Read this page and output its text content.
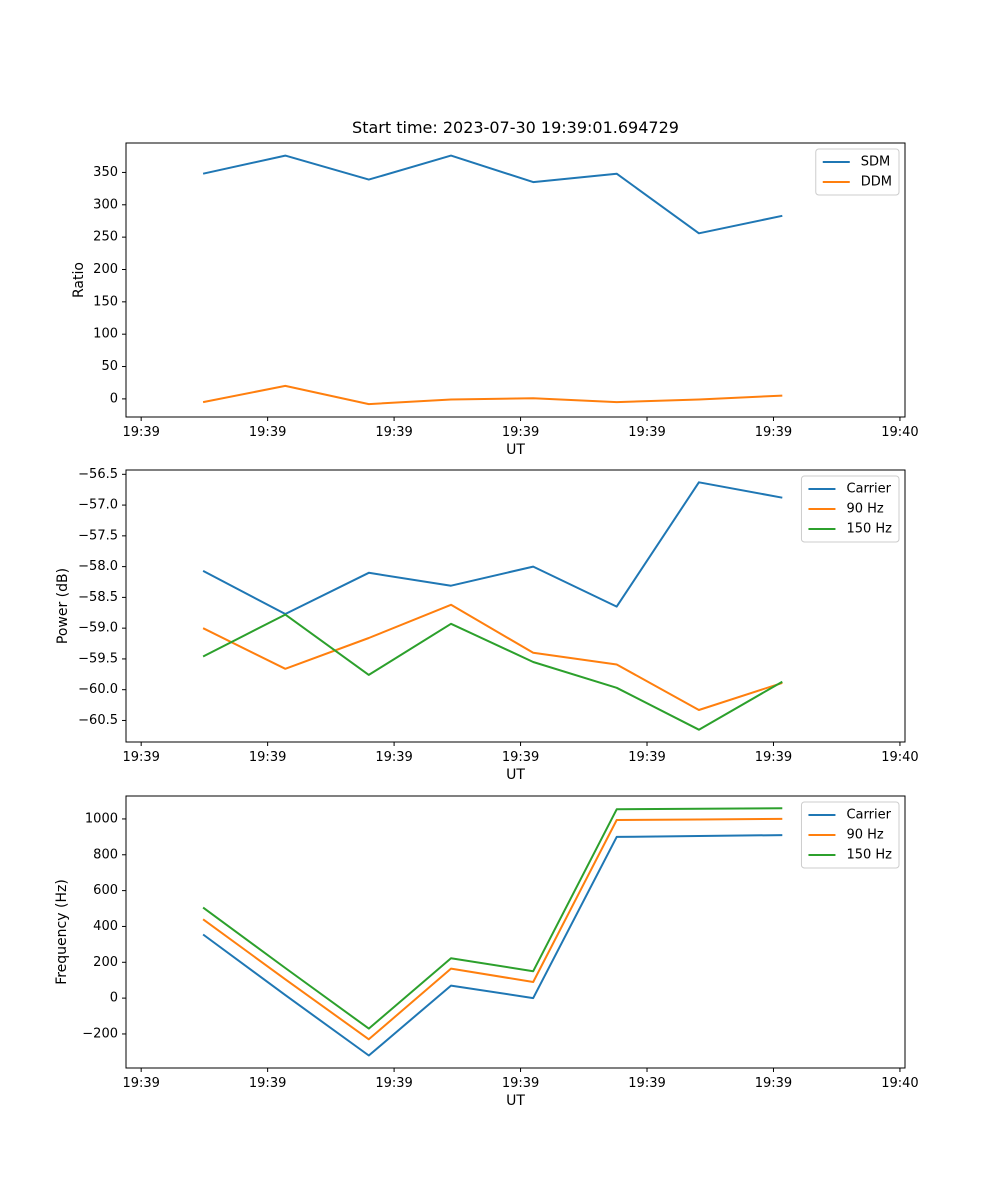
Start time: 2023-07-30 19:39:01.694729
19:39	19:39	19:39	19:39	19:39	19:39	19:40
0
50
100
150
200
250
300
350
UT
Ratio
SDM
DDM
19:39	19:39	19:39	19:39	19:39	19:39	19:40
−60.5
−60.0
−59.5
−59.0
−58.5
−58.0
−57.5
−57.0
−56.5
UT
Power (dB)
Carrier
90 Hz
150 Hz
19:39	19:39	19:39	19:39	19:39	19:39	19:40
−200
0
200
400
600
800
1000
UT
Frequency (Hz)
Carrier
90 Hz
150 Hz
